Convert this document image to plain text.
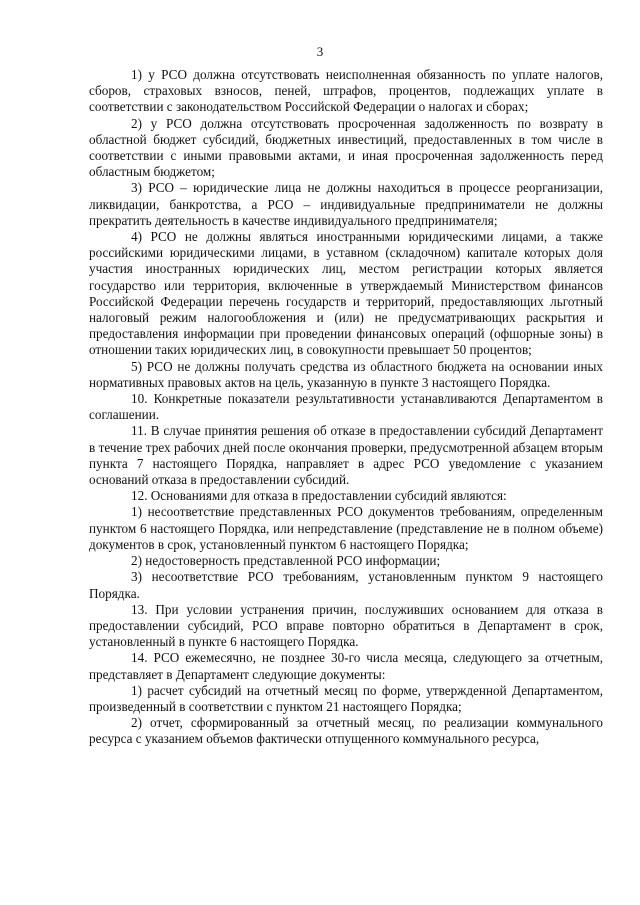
3

1) у РСО должна отсутствовать неисполненная обязанность по уплате налогов, сборов, страховых взносов, пеней, штрафов, процентов, подлежащих уплате в соответствии с законодательством Российской Федерации о налогах и сборах;

2) у РСО должна отсутствовать просроченная задолженность по возврату в областной бюджет субсидий, бюджетных инвестиций, предоставленных в том числе в соответствии с иными правовыми актами, и иная просроченная задолженность перед областным бюджетом;

3) РСО – юридические лица не должны находиться в процессе реорганизации, ликвидации, банкротства, а РСО – индивидуальные предприниматели не должны прекратить деятельность в качестве индивидуального предпринимателя;

4) РСО не должны являться иностранными юридическими лицами, а также российскими юридическими лицами, в уставном (складочном) капитале которых доля участия иностранных юридических лиц, местом регистрации которых является государство или территория, включенные в утверждаемый Министерством финансов Российской Федерации перечень государств и территорий, предоставляющих льготный налоговый режим налогообложения и (или) не предусматривающих раскрытия и предоставления информации при проведении финансовых операций (офшорные зоны) в отношении таких юридических лиц, в совокупности превышает 50 процентов;

5) РСО не должны получать средства из областного бюджета на основании иных нормативных правовых актов на цель, указанную в пункте 3 настоящего Порядка.

10. Конкретные показатели результативности устанавливаются Департаментом в соглашении.

11. В случае принятия решения об отказе в предоставлении субсидий Департамент в течение трех рабочих дней после окончания проверки, предусмотренной абзацем вторым пункта 7 настоящего Порядка, направляет в адрес РСО уведомление с указанием оснований отказа в предоставлении субсидий.

12. Основаниями для отказа в предоставлении субсидий являются:

1) несоответствие представленных РСО документов требованиям, определенным пунктом 6 настоящего Порядка, или непредставление (представление не в полном объеме) документов в срок, установленный пунктом 6 настоящего Порядка;

2) недостоверность представленной РСО информации;

3) несоответствие РСО требованиям, установленным пунктом 9 настоящего Порядка.

13. При условии устранения причин, послуживших основанием для отказа в предоставлении субсидий, РСО вправе повторно обратиться в Департамент в срок, установленный в пункте 6 настоящего Порядка.

14. РСО ежемесячно, не позднее 30-го числа месяца, следующего за отчетным, представляет в Департамент следующие документы:

1) расчет субсидий на отчетный месяц по форме, утвержденной Департаментом, произведенный в соответствии с пунктом 21 настоящего Порядка;

2) отчет, сформированный за отчетный месяц, по реализации коммунального ресурса с указанием объемов фактически отпущенного коммунального ресурса,
